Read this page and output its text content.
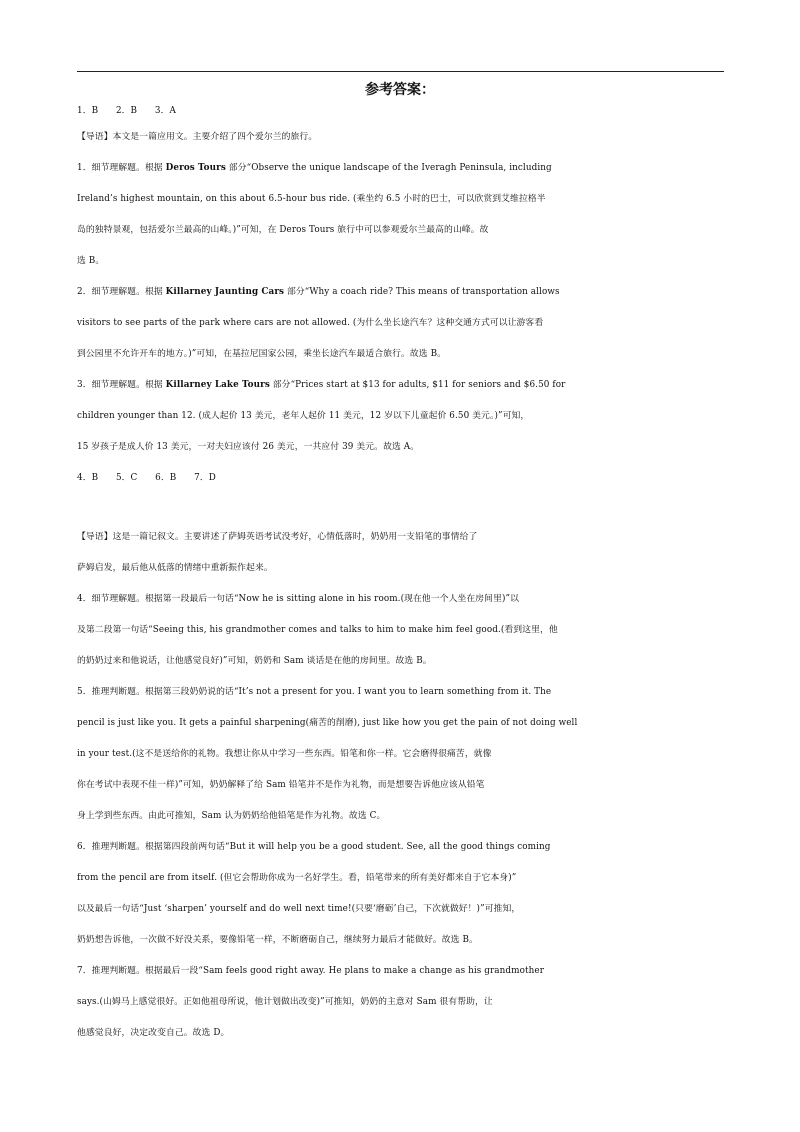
参考答案：
1．B　　2．B　　3．A
【导语】本文是一篇应用文。主要介绍了四个爱尔兰的旅行。
1．细节理解题。根据 Deros Tours 部分“Observe the unique landscape of the Iveragh Peninsula, including
Ireland’s highest mountain, on this about 6.5-hour bus ride. (乘坐约 6.5 小时的巴士，可以欣赏到艾维拉格半
岛的独特景观，包括爱尔兰最高的山峰。)”可知，在 Deros Tours 旅行中可以参观爱尔兰最高的山峰。故
选 B。
2．细节理解题。根据 Killarney Jaunting Cars 部分“Why a coach ride? This means of transportation allows
visitors to see parts of the park where cars are not allowed. (为什么坐长途汽车？这种交通方式可以让游客看
到公园里不允许开车的地方。)”可知，在基拉尼国家公园，乘坐长途汽车最适合旅行。故选 B。
3．细节理解题。根据 Killarney Lake Tours 部分“Prices start at $13 for adults, $11 for seniors and $6.50 for
children younger than 12. (成人起价 13 美元，老年人起价 11 美元，12 岁以下儿童起价 6.50 美元。)”可知，
15 岁孩子是成人价 13 美元，一对夫妇应该付 26 美元，一共应付 39 美元。故选 A。
4．B　　5．C　　6．B　　7．D
【导语】这是一篇记叙文。主要讲述了萨姆英语考试没考好，心情低落时，奶奶用一支铅笔的事情给了
萨姆启发，最后他从低落的情绪中重新振作起来。
4．细节理解题。根据第一段最后一句话“Now he is sitting alone in his room.(现在他一个人坐在房间里)”以
及第二段第一句话“Seeing this, his grandmother comes and talks to him to make him feel good.(看到这里，他
的奶奶过来和他说话，让他感觉良好)”可知，奶奶和 Sam 谈话是在他的房间里。故选 B。
5．推理判断题。根据第三段奶奶说的话“It’s not a present for you. I want you to learn something from it. The
pencil is just like you. It gets a painful sharpening(痛苦的削磨), just like how you get the pain of not doing well
in your test.(这不是送给你的礼物。我想让你从中学习一些东西。铅笔和你一样。它会磨得很痛苦，就像
你在考试中表现不佳一样)”可知，奶奶解释了给 Sam 铅笔并不是作为礼物，而是想要告诉他应该从铅笔
身上学到些东西。由此可推知，Sam 认为奶奶给他铅笔是作为礼物。故选 C。
6．推理判断题。根据第四段前两句话“But it will help you be a good student. See, all the good things coming
from the pencil are from itself. (但它会帮助你成为一名好学生。看，铅笔带来的所有美好都来自于它本身)”
以及最后一句话“Just ‘sharpen’ yourself and do well next time!(只要‘磨砺’自己，下次就做好！)”可推知，
奶奶想告诉他，一次做不好没关系，要像铅笔一样，不断磨砺自己，继续努力最后才能做好。故选 B。
7．推理判断题。根据最后一段“Sam feels good right away. He plans to make a change as his grandmother
says.(山姆马上感觉很好。正如他祖母所说，他计划做出改变)”可推知，奶奶的主意对 Sam 很有帮助，让
他感觉良好，决定改变自己。故选 D。
